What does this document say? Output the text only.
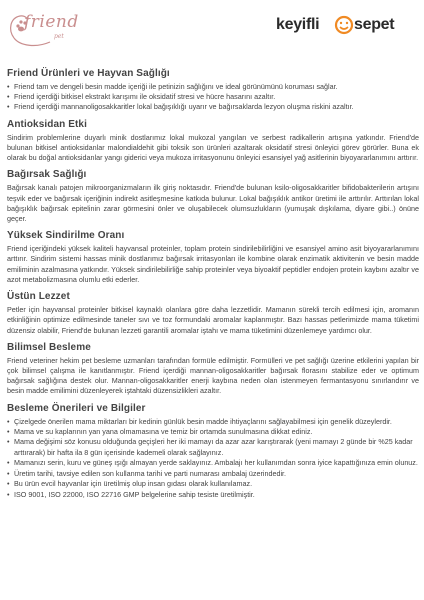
friend
pet
keyifli sepet
Friend Ürünleri ve Hayvan Sağlığı
• Friend tam ve dengeli besin madde içeriği ile petinizin sağlığını ve ideal görünümünü koruması sağlar.
• Friend içerdiği bitkisel ekstrakt karışımı ile oksidatif stresi ve hücre hasarını azaltır.
• Friend içerdiği mannanoligosakkaritler lokal bağışıklığı uyarır ve bağırsaklarda lezyon oluşma riskini azaltır.
Antioksidan Etki

Sindirim problemlerine duyarlı minik dostlarımız lokal mukozal yangıları ve serbest radikallerin artışına yatkındır. Friend'de bulunan bitkisel antioksidanlar malondialdehit gibi toksik son ürünleri azaltarak oksidatif stresi önleyici görev görürler. Buna ek olarak bu doğal antioksidanlar yangı giderici veya mukoza irritasyonunu önleyici esansiyel yağ asitlerinin biyoyararlanımını arttırır.

Bağırsak Sağlığı

Bağırsak kanalı patojen mikroorganizmaların ilk giriş noktasıdır. Friend'de bulunan ksilo-oligosakkaritler bifidobakterilerin artışını teşvik eder ve bağırsak içeriğinin indirekt asitleşmesine katkıda bulunur. Lokal bağışıklık antikor üretimi ile arttırılır. Arttırılan lokal bağışıklık bağırsak epitelinin zarar görmesini önler ve oluşabilecek olumsuzlukların (yumuşak dışkılama, diyare gibi..) önüne geçer.

Yüksek Sindirilme Oranı

Friend içeriğindeki yüksek kaliteli hayvansal proteinler, toplam protein sindirilebilirliğini ve esansiyel amino asit biyoyararlanımını arttırır. Sindirim sistemi hassas minik dostlarımız bağırsak irritasyonları ile kombine olarak enzimatik aktivitenin ve besin madde emiliminin azalmasına yatkındır. Yüksek sindirilebilirliğe sahip proteinler veya biyoaktif peptidler endojen protein kaybını azaltır ve azot metabolizmasına olumlu etki ederler.

Üstün Lezzet

Petler için hayvansal proteinler bitkisel kaynaklı olanlara göre daha lezzetlidir. Mamanın sürekli tercih edilmesi için, aromanın etkinliğinin optimize edilmesinde taneler sıvı ve toz formundaki aromalar kaplanmıştır. Bazı hassas petlerimizde mama tüketimi düzensiz olabilir, Friend'de bulunan lezzeti garantili aromalar iştahı ve mama tüketimini düzenlemeye yardımcı olur.

Bilimsel Besleme

Friend veteriner hekim pet besleme uzmanları tarafından formüle edilmiştir. Formülleri ve pet sağlığı üzerine etkilerini yapılan bir çok bilimsel çalışma ile kanıtlanmıştır. Friend içerdiği mannan-oligosakkaritler bağırsak florasını stabilize eder ve optimum bağırsak sağlığına destek olur. Mannan-oligosakkaritler enerji kaybına neden olan istenmeyen fermantasyonu sınırlandırır ve besin madde emilimini düzenleyerek iştahtaki düzensizlikleri azaltır.

Besleme Önerileri ve Bilgiler
• Çizelgede önerilen mama miktarları bir kedinin günlük besin madde ihtiyaçlarını sağlayabilmesi için genelik düzeylerdir.
• Mama ve su kaplarının yan yana olmamasına ve temiz bir ortamda sunulmasına dikkat ediniz.
• Mama değişimi söz konusu olduğunda geçişleri her iki mamayı da azar azar karıştırarak (yeni mamayı 2 günde bir %25 kadar arttırarak) bir hafta ila 8 gün içerisinde kademeli olarak sağlayınız.
• Mamanızı serin, kuru ve güneş ışığı almayan yerde saklayınız. Ambalajı her kullanımdan sonra iyice kapattığınıza emin olunuz.
• Üretim tarihi, tavsiye edilen son kullanma tarihi ve parti numarası ambalaj üzerindedir.
• Bu ürün evcil hayvanlar için üretilmiş olup insan gıdası olarak kullanılamaz.
• ISO 9001, ISO 22000, ISO 22716 GMP belgelerine sahip tesiste üretilmiştir.
